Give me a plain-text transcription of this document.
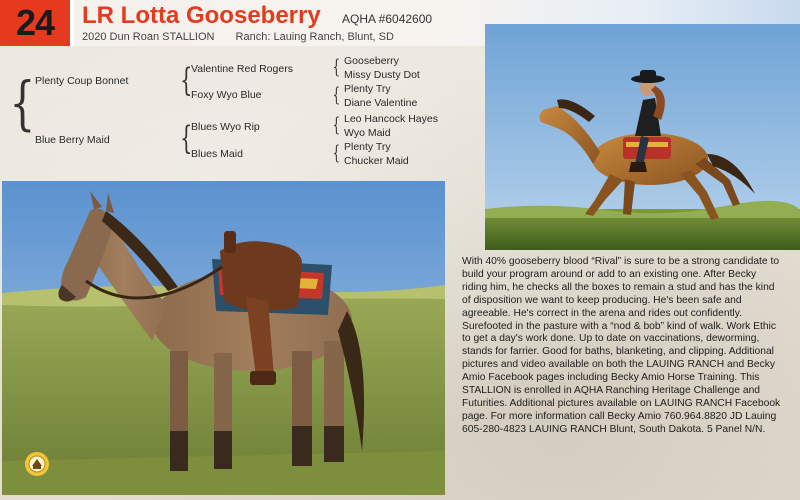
24	LR Lotta Gooseberry AQHA #6042600
2020 Dun Roan STALLION Ranch: Lauing Ranch, Blunt, SD
{ Plenty Coup Bonnet
Blue Berry Maid
{
Valentine Red Rogers
Foxy Wyo Blue
{
Blues Wyo Rip
Blues Maid
{ Gooseberry
Missy Dusty Dot
{ Plenty Try
Diane Valentine
{ Leo Hancock Hayes
Wyo Maid
{ Plenty Try
Chucker Maid
With 40% gooseberry blood “Rival” is sure to be a strong candidate to build your program around or add to an existing one. After Becky riding him, he checks all the boxes to remain a stud and has the kind of disposition we want to keep producing. He's been safe and agreeable. He's correct in the arena and rides out confidently. Surefooted in the pasture with a “nod & bob” kind of walk. Work Ethic to get a day's work done. Up to date on vaccinations, deworming, stands for farrier. Good for baths, blanketing, and clipping. Additional pictures and video available on both the LAUING RANCH and Becky Amio Facebook pages including Becky Amio Horse Training. This STALLION is enrolled in AQHA Ranching Heritage Challenge and Futurities. Additional pictures available on LAUING RANCH Facebook page. For more information call Becky Amio 760.964.8820 JD Lauing 605-280-4823 LAUING RANCH Blunt, South Dakota. 5 Panel N/N.
